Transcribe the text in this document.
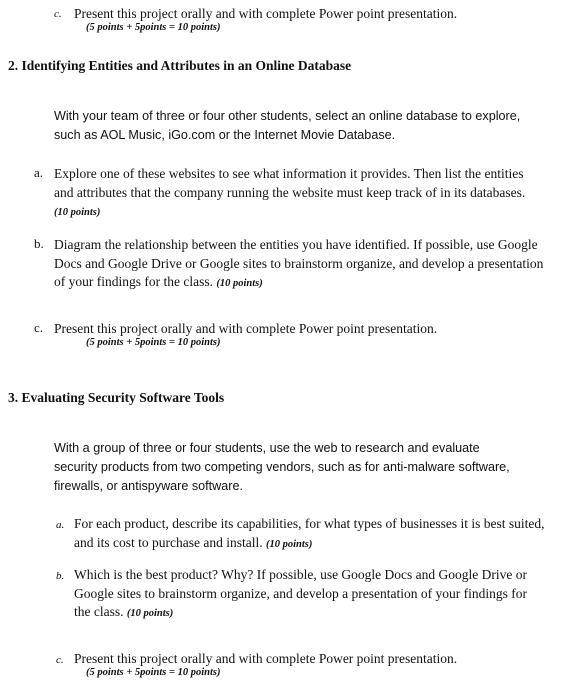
c. Present this project orally and with complete Power point presentation.

(5 points + 5points = 10 points)

2. Identifying Entities and Attributes in an Online Database

With your team of three or four other students, select an online database to explore, such as AOL Music, iGo.com or the Internet Movie Database.

a. Explore one of these websites to see what information it provides. Then list the entities and attributes that the company running the website must keep track of in its databases. (10 points)

b. Diagram the relationship between the entities you have identified. If possible, use Google Docs and Google Drive or Google sites to brainstorm organize, and develop a presentation of your findings for the class. (10 points)

c. Present this project orally and with complete Power point presentation.

(5 points + 5points = 10 points)

3. Evaluating Security Software Tools

With a group of three or four students, use the web to research and evaluate security products from two competing vendors, such as for anti-malware software, firewalls, or antispyware software.

a. For each product, describe its capabilities, for what types of businesses it is best suited, and its cost to purchase and install. (10 points)

b. Which is the best product? Why? If possible, use Google Docs and Google Drive or Google sites to brainstorm organize, and develop a presentation of your findings for the class. (10 points)

c. Present this project orally and with complete Power point presentation.

(5 points + 5points = 10 points)
